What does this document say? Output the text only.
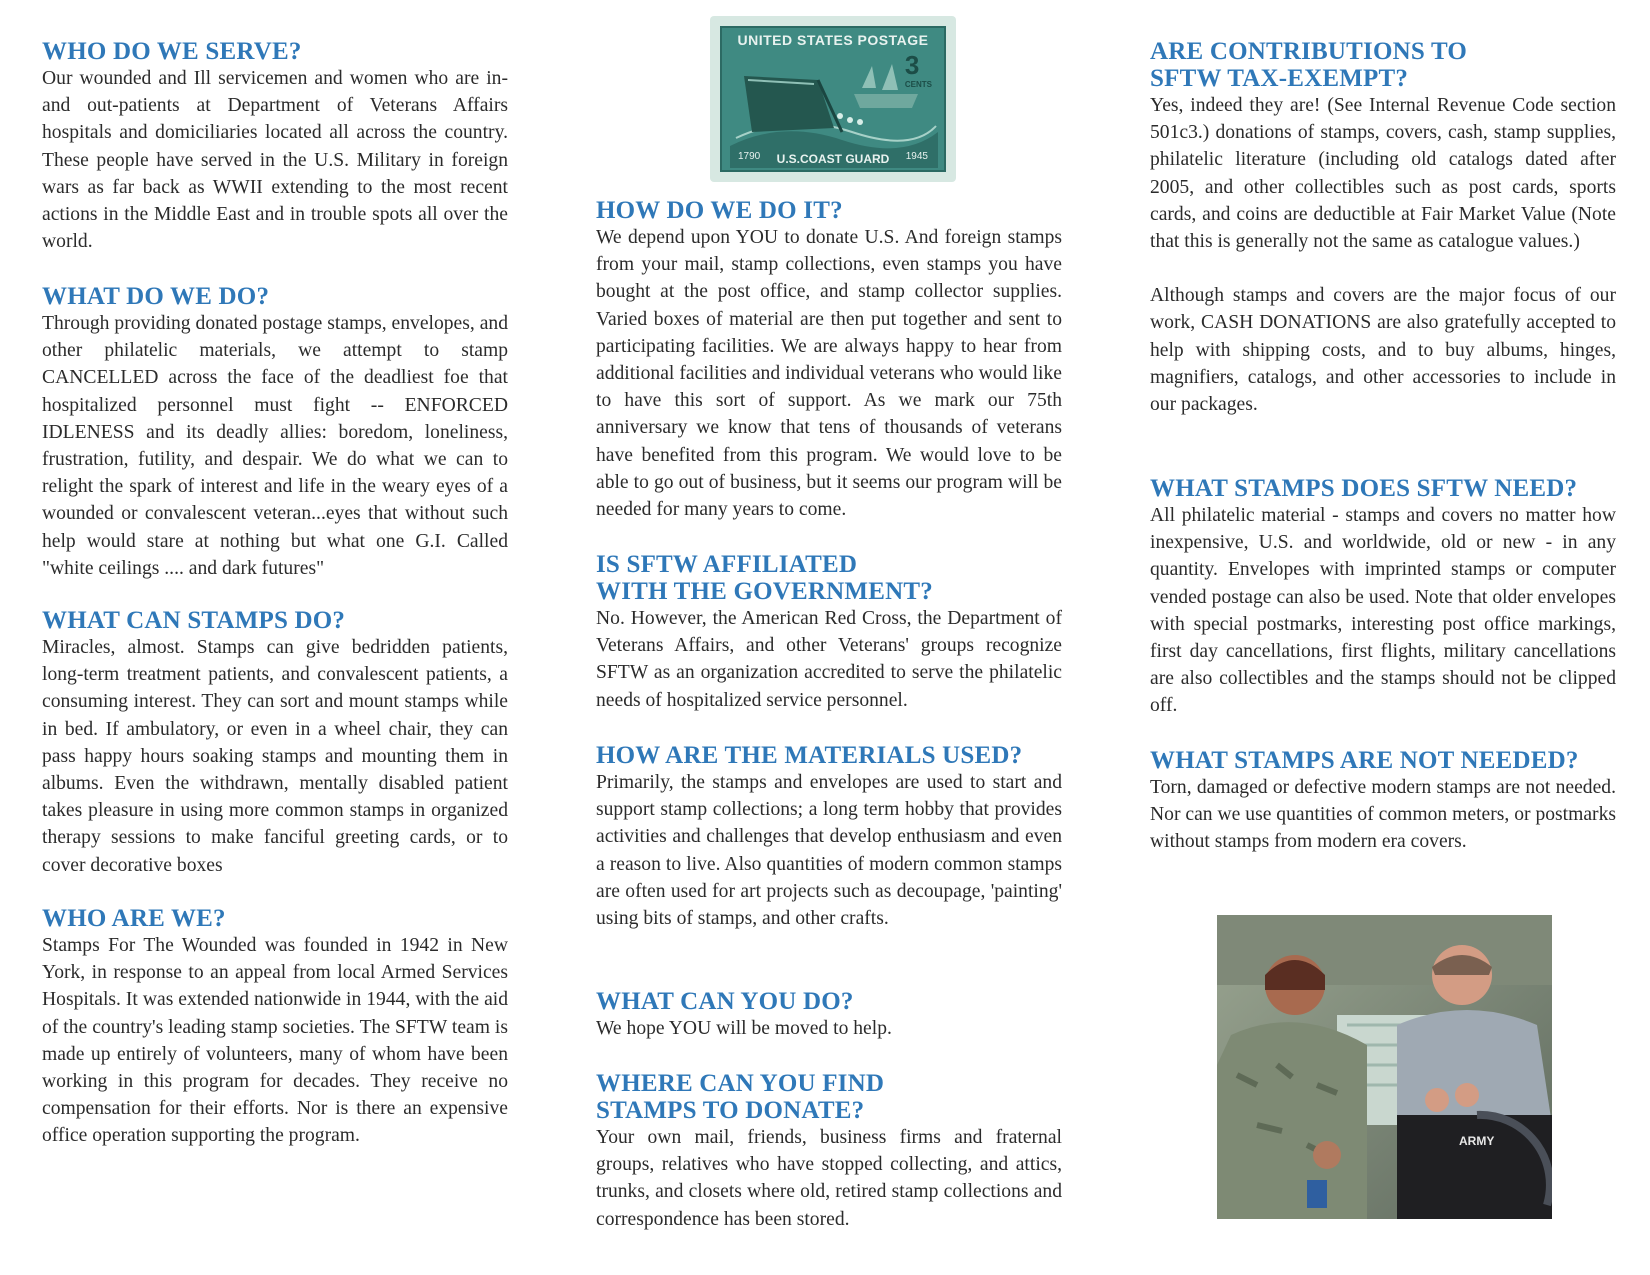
WHO DO WE SERVE?

Our wounded and Ill servicemen and women who are in- and out-patients at Department of Veterans Affairs hospitals and domiciliaries located all across the country. These people have served in the U.S. Military in foreign wars as far back as WWII extending to the most recent actions in the Middle East and in trouble spots all over the world.

WHAT DO WE DO?

Through providing donated postage stamps, envelopes, and other philatelic materials, we attempt to stamp CANCELLED across the face of the deadliest foe that hospitalized personnel must fight -- ENFORCED IDLENESS and its deadly allies: boredom, loneliness, frustration, futility, and despair. We do what we can to relight the spark of interest and life in the weary eyes of a wounded or convalescent veteran...eyes that without such help would stare at nothing but what one G.I. Called "white ceilings .... and dark futures"

WHAT CAN STAMPS DO?

Miracles, almost. Stamps can give bedridden patients, long-term treatment patients, and convalescent patients, a consuming interest. They can sort and mount stamps while in bed. If ambulatory, or even in a wheel chair, they can pass happy hours soaking stamps and mounting them in albums. Even the withdrawn, mentally disabled patient takes pleasure in using more common stamps in organized therapy sessions to make fanciful greeting cards, or to cover decorative boxes

WHO ARE WE?

Stamps For The Wounded was founded in 1942 in New York, in response to an appeal from local Armed Services Hospitals. It was extended nationwide in 1944, with the aid of the country's leading stamp societies. The SFTW team is made up entirely of volunteers, many of whom have been working in this program for decades. They receive no compensation for their efforts. Nor is there an expensive office operation supporting the program.

UNITED STATES POSTAGE
3
CENTS
1790	1945
U.S.COAST GUARD
HOW DO WE DO IT?

We depend upon YOU to donate U.S. And foreign stamps from your mail, stamp collections, even stamps you have bought at the post office, and stamp collector supplies. Varied boxes of material are then put together and sent to participating facilities. We are always happy to hear from additional facilities and individual veterans who would like to have this sort of support. As we mark our 75th anniversary we know that tens of thousands of veterans have benefited from this program. We would love to be able to go out of business, but it seems our program will be needed for many years to come.

IS SFTW AFFILIATED
WITH THE GOVERNMENT?

No. However, the American Red Cross, the Department of Veterans Affairs, and other Veterans' groups recognize SFTW as an organization accredited to serve the philatelic needs of hospitalized service personnel.

HOW ARE THE MATERIALS USED?

Primarily, the stamps and envelopes are used to start and support stamp collections; a long term hobby that provides activities and challenges that develop enthusiasm and even a reason to live. Also quantities of modern common stamps are often used for art projects such as decoupage, 'painting' using bits of stamps, and other crafts.

WHAT CAN YOU DO?

We hope YOU will be moved to help.

WHERE CAN YOU FIND
STAMPS TO DONATE?

Your own mail, friends, business firms and fraternal groups, relatives who have stopped collecting, and attics, trunks, and closets where old, retired stamp collections and correspondence has been stored.

ARE CONTRIBUTIONS TO
SFTW TAX-EXEMPT?

Yes, indeed they are! (See Internal Revenue Code section 501c3.) donations of stamps, covers, cash, stamp supplies, philatelic literature (including old catalogs dated after 2005, and other collectibles such as post cards, sports cards, and coins are deductible at Fair Market Value (Note that this is generally not the same as catalogue values.)

Although stamps and covers are the major focus of our work, CASH DONATIONS are also gratefully accepted to help with shipping costs, and to buy albums, hinges, magnifiers, catalogs, and other accessories to include in our packages.

WHAT STAMPS DOES SFTW NEED?

All philatelic material - stamps and covers no matter how inexpensive, U.S. and worldwide, old or new - in any quantity. Envelopes with imprinted stamps or computer vended postage can also be used. Note that older envelopes with special postmarks, interesting post office markings, first day cancellations, first flights, military cancellations are also collectibles and the stamps should not be clipped off.

WHAT STAMPS ARE NOT NEEDED?

Torn, damaged or defective modern stamps are not needed. Nor can we use quantities of common meters, or postmarks without stamps from modern era covers.

ARMY
